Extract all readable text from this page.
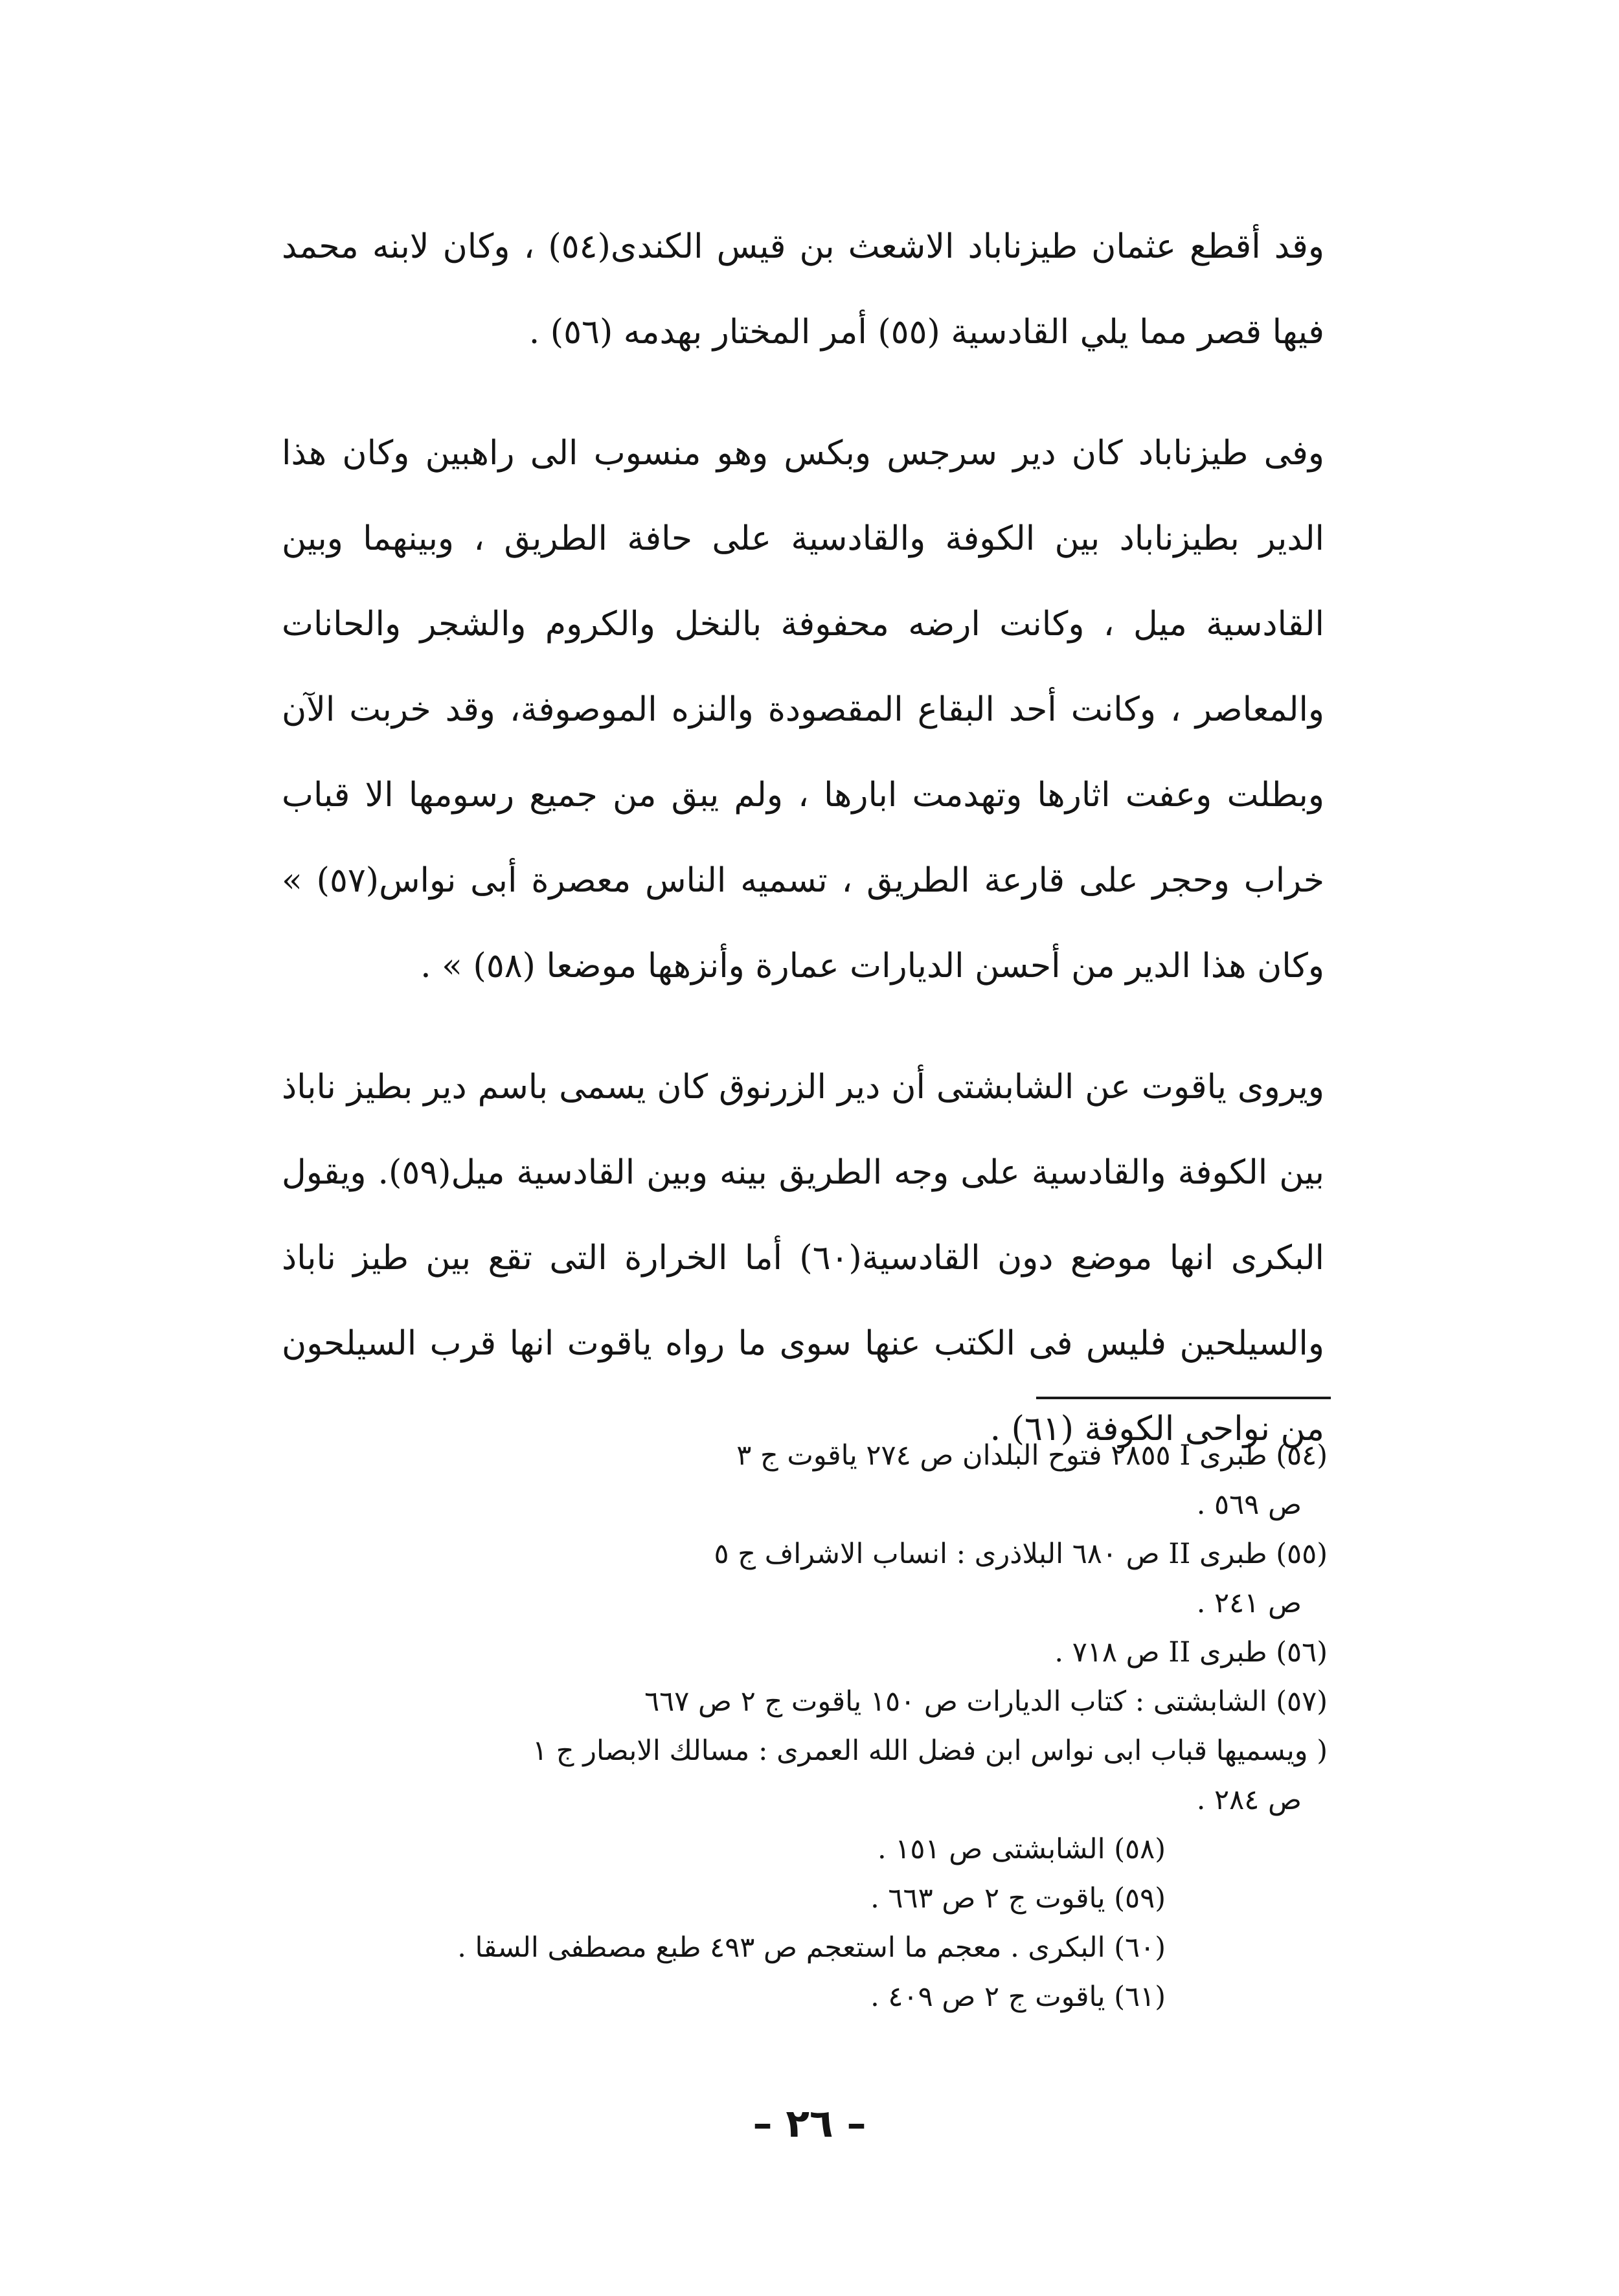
وقد أقطع عثمان طيزناباد الاشعث بن قيس الكندى(٥٤) ، وكان لابنه محمد فيها قصر مما يلي القادسية (٥٥) أمر المختار بهدمه (٥٦) .

وفى طيزناباد كان دير سرجس وبكس وهو منسوب الى راهبين وكان هذا الدير بطيزناباد بين الكوفة والقادسية على حافة الطريق ، وبينهما وبين القادسية ميل ، وكانت ارضه محفوفة بالنخل والكروم والشجر والحانات والمعاصر ، وكانت أحد البقاع المقصودة والنزه الموصوفة، وقد خربت الآن وبطلت وعفت اثارها وتهدمت ابارها ، ولم يبق من جميع رسومها الا قباب خراب وحجر على قارعة الطريق ، تسميه الناس معصرة أبى نواس(٥٧) » وكان هذا الدير من أحسن الديارات عمارة وأنزهها موضعا (٥٨) » .

ويروى ياقوت عن الشابشتى أن دير الزرنوق كان يسمى باسم دير بطيز ناباذ بين الكوفة والقادسية على وجه الطريق بينه وبين القادسية ميل(٥٩). ويقول البكرى انها موضع دون القادسية(٦٠) أما الخرارة التى تقع بين طيز ناباذ والسيلحين فليس فى الكتب عنها سوى ما رواه ياقوت انها قرب السيلحون من نواحى الكوفة (٦١) .

(٥٤) طبرى I ٢٨٥٥ فتوح البلدان ص ٢٧٤ ياقوت ج ٣

ص ٥٦٩ .

(٥٥) طبرى II ص ٦٨٠ البلاذرى : انساب الاشراف ج ٥

ص ٢٤١ .

(٥٦) طبرى II ص ٧١٨ .

(٥٧) الشابشتى : كتاب الديارات ص ١٥٠ ياقوت ج ٢ ص ٦٦٧

( ويسميها قباب ابى نواس ابن فضل الله العمرى : مسالك الابصار ج ١

ص ٢٨٤ .

(٥٨) الشابشتى ص ١٥١ .

(٥٩) ياقوت ج ٢ ص ٦٦٣ .

(٦٠) البكرى . معجم ما استعجم ص ٤٩٣ طبع مصطفى السقا .

(٦١) ياقوت ج ٢ ص ٤٠٩ .

– ٢٦ –
